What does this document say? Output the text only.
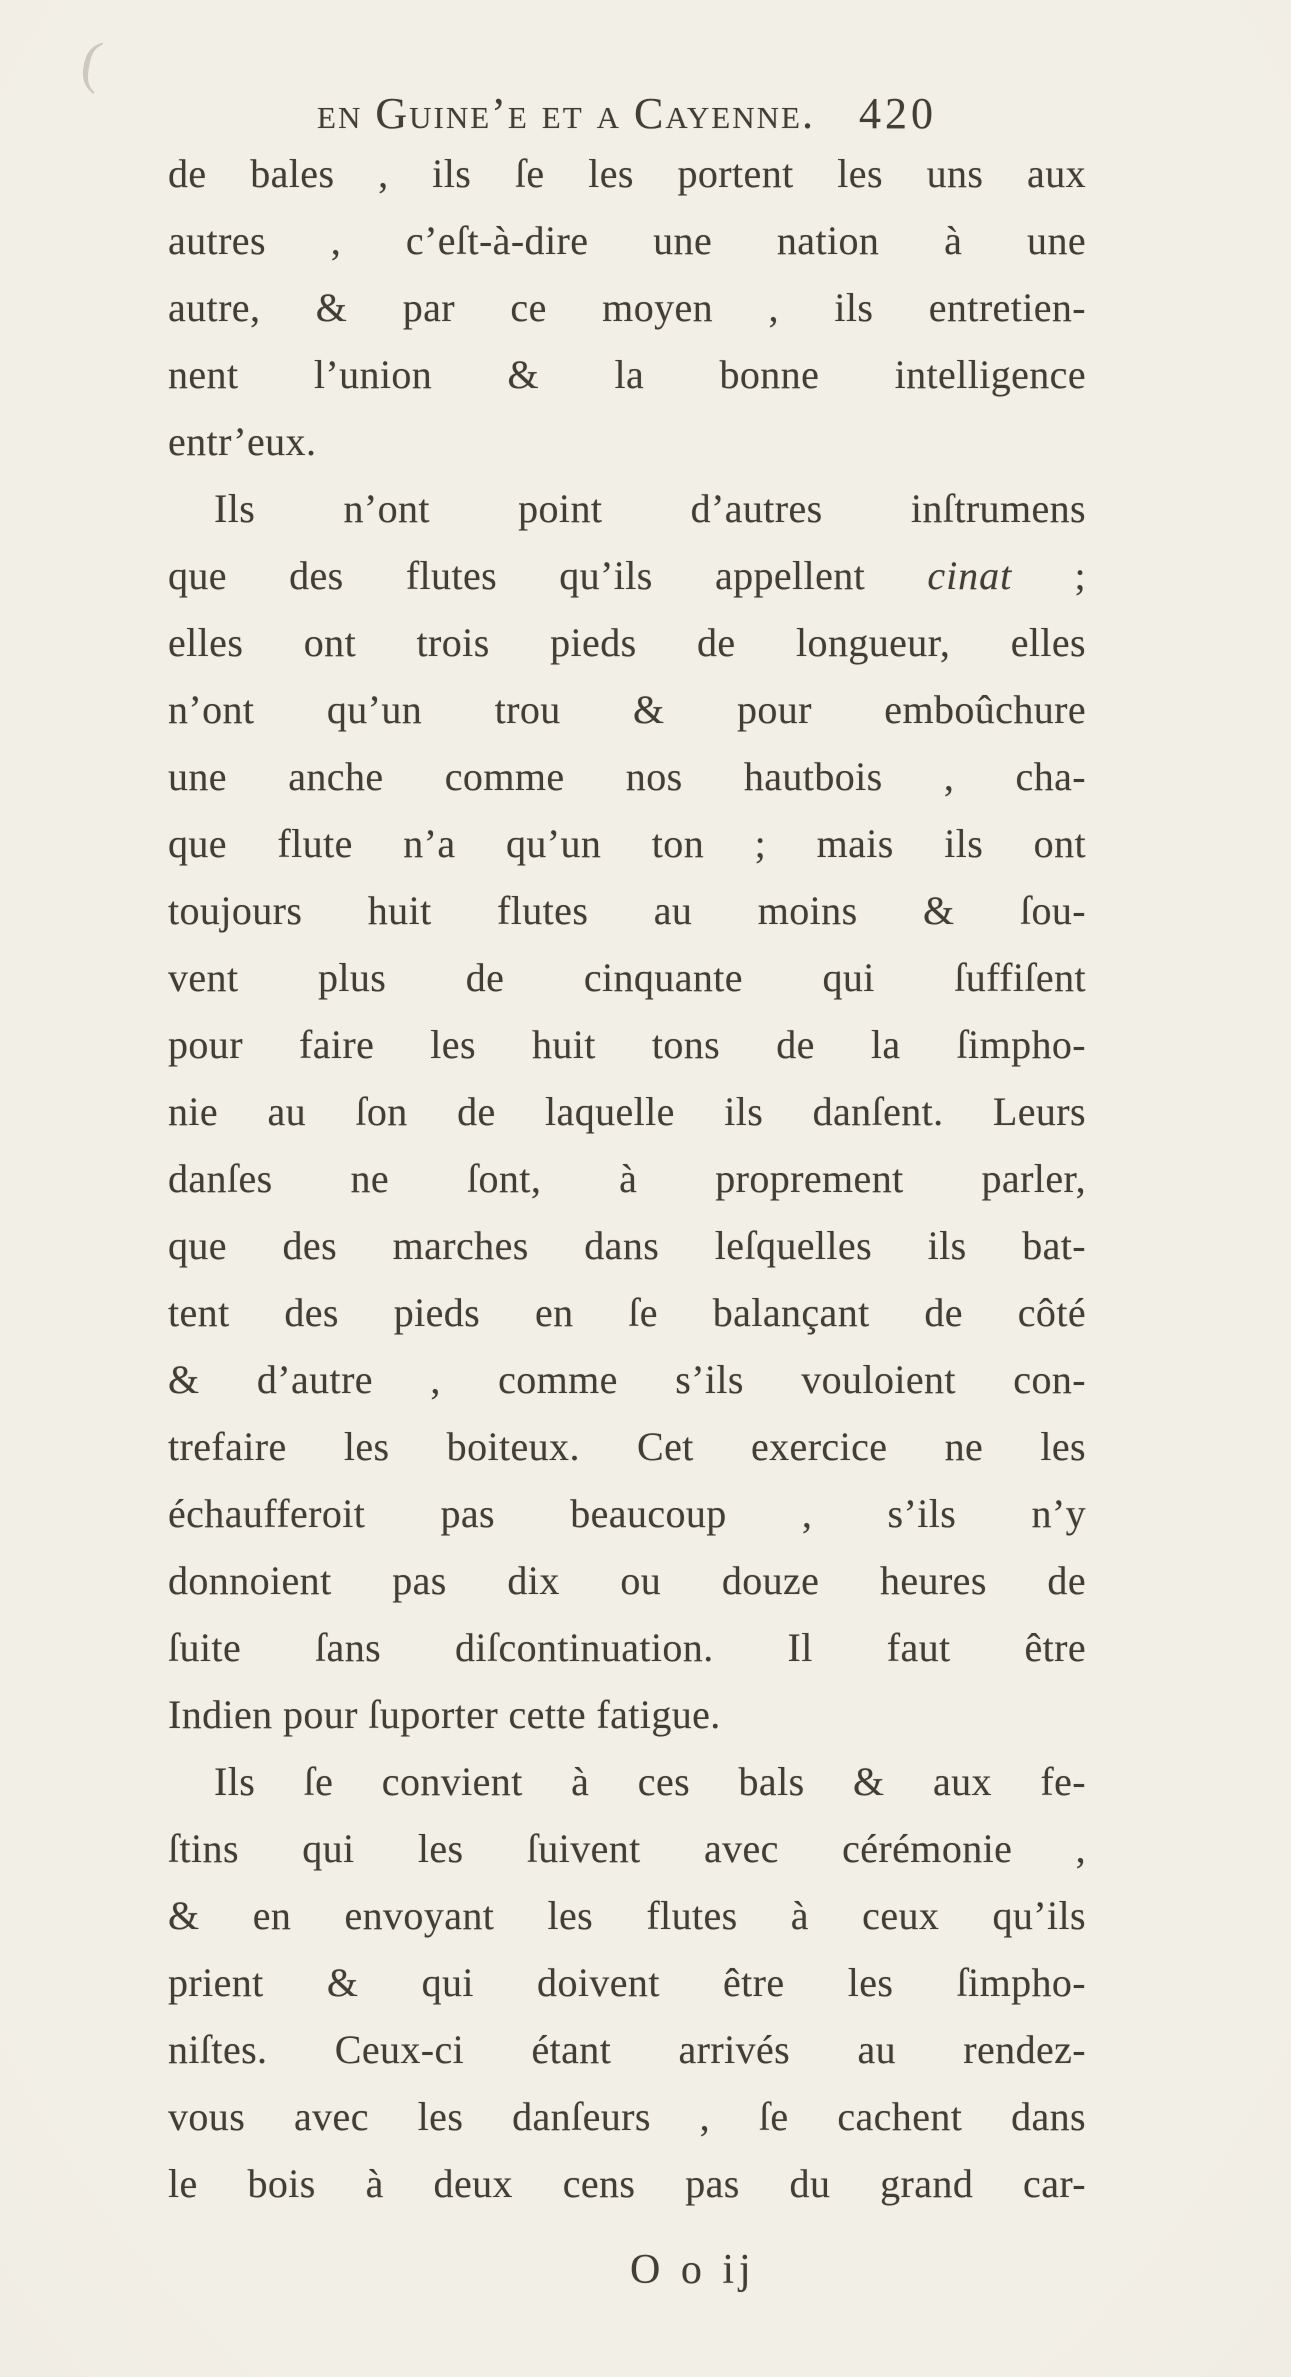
(
en Guine’e et a Cayenne. 420
de bales , ils ſe les portent les uns aux
autres , c’eſt-à-dire une nation à une
autre, & par ce moyen , ils entretien-
nent l’union & la bonne intelligence
entr’eux.
Ils n’ont point d’autres inſtrumens
que des flutes qu’ils appellent cinat ;
elles ont trois pieds de longueur, elles
n’ont qu’un trou & pour emboûchure
une anche comme nos hautbois , cha-
que flute n’a qu’un ton ; mais ils ont
toujours huit flutes au moins & ſou-
vent plus de cinquante qui ſuffiſent
pour faire les huit tons de la ſimpho-
nie au ſon de laquelle ils danſent. Leurs
danſes ne ſont, à proprement parler,
que des marches dans leſquelles ils bat-
tent des pieds en ſe balançant de côté
& d’autre , comme s’ils vouloient con-
trefaire les boiteux. Cet exercice ne les
échaufferoit pas beaucoup , s’ils n’y
donnoient pas dix ou douze heures de
ſuite ſans diſcontinuation. Il faut être
Indien pour ſuporter cette fatigue.
Ils ſe convient à ces bals & aux fe-
ſtins qui les ſuivent avec cérémonie ,
& en envoyant les flutes à ceux qu’ils
prient & qui doivent être les ſimpho-
niſtes. Ceux-ci étant arrivés au rendez-
vous avec les danſeurs , ſe cachent dans
le bois à deux cens pas du grand car-
O o ij
